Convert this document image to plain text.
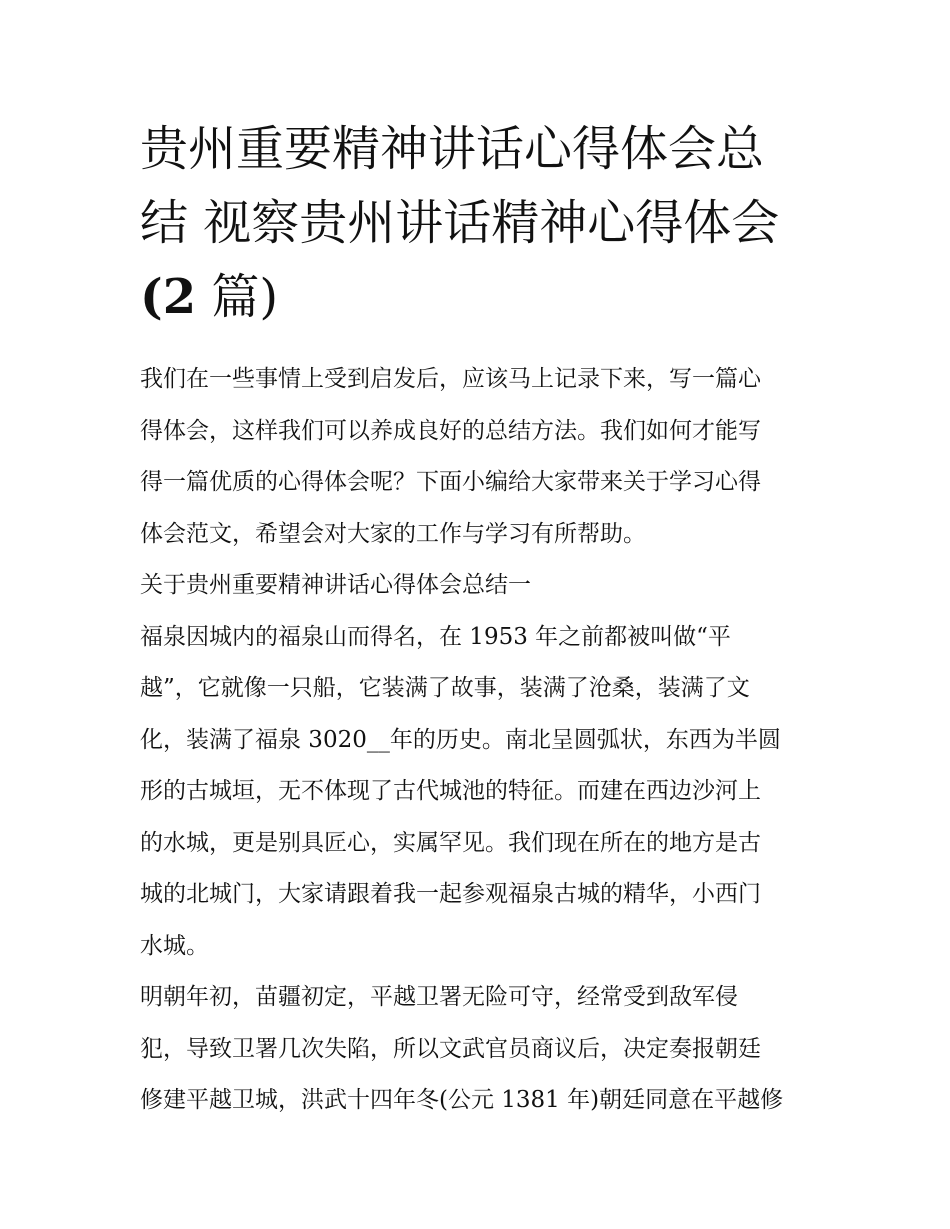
贵州重要精神讲话心得体会总
结 视察贵州讲话精神心得体会
(2 篇)
我们在一些事情上受到启发后，应该马上记录下来，写一篇心
得体会，这样我们可以养成良好的总结方法。我们如何才能写
得一篇优质的心得体会呢？下面小编给大家带来关于学习心得
体会范文，希望会对大家的工作与学习有所帮助。
关于贵州重要精神讲话心得体会总结一
福泉因城内的福泉山而得名，在 1953 年之前都被叫做“平
越”，它就像一只船，它装满了故事，装满了沧桑，装满了文
化，装满了福泉 3020__年的历史。南北呈圆弧状，东西为半圆
形的古城垣，无不体现了古代城池的特征。而建在西边沙河上
的水城，更是别具匠心，实属罕见。我们现在所在的地方是古
城的北城门，大家请跟着我一起参观福泉古城的精华，小西门
水城。
明朝年初，苗疆初定，平越卫署无险可守，经常受到敌军侵
犯，导致卫署几次失陷，所以文武官员商议后，决定奏报朝廷
修建平越卫城，洪武十四年冬(公元 1381 年)朝廷同意在平越修
